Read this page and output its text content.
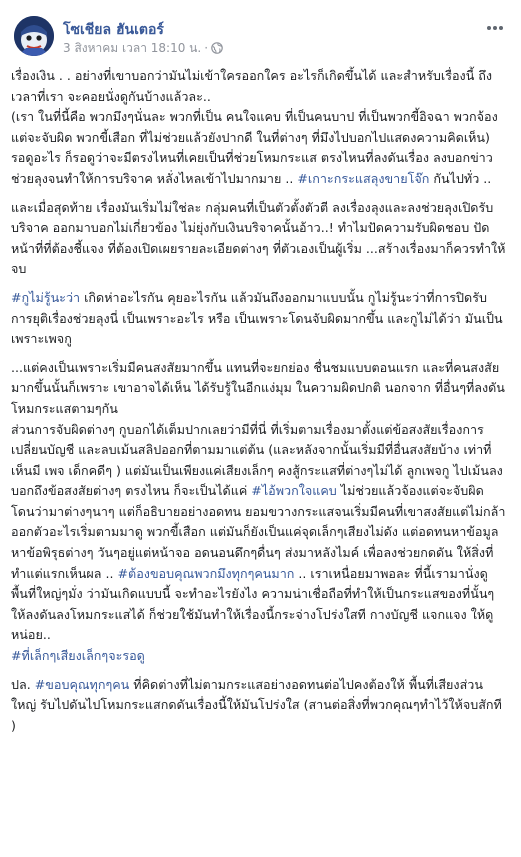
โซเชียล ฮันเตอร์
3 สิงหาคม เวลา 18:10 น. ·

เรื่องเงิน . . อย่างที่เขาบอกว่ามันไม่เข้าใครออกใคร อะไรก็เกิดขึ้นได้ และสำหรับเรื่องนี้ ถึงเวลาที่เรา จะคอยนั่งดูกันบ้างแล้วละ..
(เรา ในที่นี้คือ พวกมึงๆนั่นละ พวกที่เป็น คนใจแคบ ที่เป็นคนบาป ที่เป็นพวกขี้อิจฉา พวกจ้องแต่จะจับผิด พวกขี้เสือก ที่ไม่ช่วยแล้วยังปากดี ในที่ต่างๆ ที่มึงไปบอกไปแสดงความคิดเห็น) รอดูอะไร ก็รอดูว่าจะมีตรงไหนที่เคยเป็นที่ช่วยโหมกระแส ตรงไหนที่ลงดันเรื่อง ลงบอกข่าวช่วยลุงจนทำให้การบริจาค หลั่งไหลเข้าไปมากมาย .. #เกาะกระแสลุงขายโจ๊ก กันไปทั่ว ..

และเมื่อสุดท้าย เรื่องมันเริ่มไม่ใช่ละ กลุ่มคนที่เป็นตัวตั้งตัวตี ลงเรื่องลุงและลงช่วยลุงเปิดรับ บริจาค ออกมาบอกไม่เกี่ยวข้อง ไม่ยุ่งกับเงินบริจาคนั้นอ้าว..! ทำไมปัดความรับผิดชอบ ปัดหน้าที่ที่ต้องชี้แจง ที่ต้องเปิดเผยรายละเอียดต่างๆ ที่ตัวเองเป็นผู้เริ่ม ...สร้างเรื่องมาก็ควรทำให้จบ

#กูไม่รู้นะว่า เกิดห่าอะไรกัน คุยอะไรกัน แล้วมันถึงออกมาแบบนั้น กูไม่รู้นะว่าที่การปิดรับ การยุติเรื่องช่วยลุงนี่ เป็นเพราะอะไร หรือ เป็นเพราะโดนจับผิดมากขึ้น และกูไม่ได้ว่า มันเป็นเพราะเพจกู

...แต่คงเป็นเพราะเริ่มมีคนสงสัยมากขึ้น แทนที่จะยกย่อง ชื่นชมแบบตอนแรก และที่คนสงสัยมากขึ้นนั้นก็เพราะ เขาอาจได้เห็น ได้รับรู้ในอีกแง่มุม ในความผิดปกติ นอกจาก ที่อื่นๆที่ลงดันโหมกระแสตามๆกัน
ส่วนการจับผิดต่างๆ กูบอกได้เต็มปากเลยว่ามีที่นี่ ที่เริ่มตามเรื่องมาตั้งแต่ข้อสงสัยเรื่องการเปลี่ยนบัญชี และลบเม้นสลิปออกที่ตามมาแต่ต้น (และหลังจากนั้นเริ่มมีที่อื่นสงสัยบ้าง เท่าที่เห็นมี เพจ เด็กคดีๆ ) แต่มันเป็นเพียงแค่เสียงเล็กๆ คงสู้กระแสที่ต่างๆไม่ได้ ลูกเพจกู ไปเม้นลงบอกถึงข้อสงสัยต่างๆ ตรงไหน ก็จะเป็นได้แค่ #ไอ้พวกใจแคบ ไม่ช่วยแล้วจ้องแต่จะจับผิด โดนว่ามาต่างๆนาๆ แต่ก็อธิบายอย่างอดทน ยอมขวางกระแสจนเริ่มมีคนที่เขาสงสัยแต่ไม่กล้าออกตัวอะไรเริ่มตามมาดู พวกขี้เสือก แต่มันก็ยังเป็นแค่จุดเล็กๆเสียงไม่ดัง แต่อดทนหาข้อมูล หาข้อพิรุธต่างๆ วันๆอยู่แต่หน้าจอ อดนอนดึกๆดื่นๆ ส่งมาหลังไมค์ เพื่อลงช่วยกดดัน ให้สิ่งที่ทำแต่แรกเห็นผล .. #ต้องขอบคุณพวกมึงทุกๆคนมาก .. เราเหนื่อยมาพอละ ที่นี้เรามานั่งดู พื้นที่ใหญ่ๆมั่ง ว่ามันเกิดแบบนี้ จะทำอะไรยังไง ความน่าเชื่อถือที่ทำให้เป็นกระแสของที่นั้นๆให้ลงดันลงโหมกระแสได้ ก็ช่วยใช้มันทำให้เรื่องนี้กระจ่างโปร่งใสที กางบัญชี แจกแจง ให้ดูหน่อย..
#ที่เล็กๆเสียงเล็กๆจะรอดู

ปล. #ขอบคุณทุกๆคน ที่คิดต่างที่ไม่ตามกระแสอย่างอดทนต่อไปคงต้องให้ พื้นที่เสียงส่วนใหญ่ รับไปดันไปโหมกระแสกดดันเรื่องนี้ให้มันโปร่งใส (สานต่อสิ่งที่พวกคุณๆทำไว้ให้จบสักที )
